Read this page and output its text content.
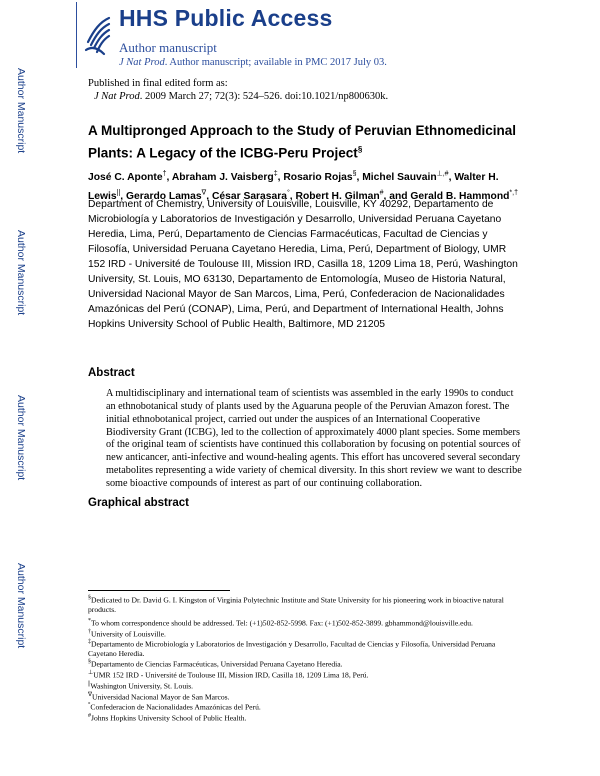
Author Manuscript
Author Manuscript
Author Manuscript
Author Manuscript
HHS Public Access
Author manuscript
J Nat Prod. Author manuscript; available in PMC 2017 July 03.
Published in final edited form as:
J Nat Prod. 2009 March 27; 72(3): 524–526. doi:10.1021/np800630k.
A Multipronged Approach to the Study of Peruvian Ethnomedicinal Plants: A Legacy of the ICBG-Peru Project§
José C. Aponte†, Abraham J. Vaisberg‡, Rosario Rojas§, Michel Sauvain⊥,#, Walter H. Lewis||, Gerardo Lamas∇, César Sarasara°, Robert H. Gilman#, and Gerald B. Hammond*,†
Department of Chemistry, University of Louisville, Louisville, KY 40292, Departamento de Microbiología y Laboratorios de Investigación y Desarrollo, Universidad Peruana Cayetano Heredia, Lima, Perú, Departamento de Ciencias Farmacéuticas, Facultad de Ciencias y Filosofía, Universidad Peruana Cayetano Heredia, Lima, Perú, Department of Biology, UMR 152 IRD - Université de Toulouse III, Mission IRD, Casilla 18, 1209 Lima 18, Perú, Washington University, St. Louis, MO 63130, Departamento de Entomología, Museo de Historia Natural, Universidad Nacional Mayor de San Marcos, Lima, Perú, Confederacion de Nacionalidades Amazónicas del Perú (CONAP), Lima, Perú, and Department of International Health, Johns Hopkins University School of Public Health, Baltimore, MD 21205
Abstract
A multidisciplinary and international team of scientists was assembled in the early 1990s to conduct an ethnobotanical study of plants used by the Aguaruna people of the Peruvian Amazon forest. The initial ethnobotanical project, carried out under the auspices of an International Cooperative Biodiversity Grant (ICBG), led to the collection of approximately 4000 plant species. Some members of the original team of scientists have continued this collaboration by focusing on potential sources of new anticancer, anti-infective and wound-healing agents. This effort has uncovered several secondary metabolites representing a wide variety of chemical diversity. In this short review we want to describe some bioactive compounds of interest as part of our continuing collaboration.
Graphical abstract

§Dedicated to Dr. David G. I. Kingston of Virginia Polytechnic Institute and State University for his pioneering work in bioactive natural products.

*To whom correspondence should be addressed. Tel: (+1)502-852-5998. Fax: (+1)502-852-3899. gbhammond@louisville.edu.

†University of Louisville.

‡Departamento de Microbiología y Laboratorios de Investigación y Desarrollo, Facultad de Ciencias y Filosofía, Universidad Peruana Cayetano Heredia.

§Departamento de Ciencias Farmacéuticas, Universidad Peruana Cayetano Heredia.

⊥UMR 152 IRD - Université de Toulouse III, Mission IRD, Casilla 18, 1209 Lima 18, Perú.

||Washington University, St. Louis.

∇Universidad Nacional Mayor de San Marcos.

°Confederacion de Nacionalidades Amazónicas del Perú.

#Johns Hopkins University School of Public Health.
